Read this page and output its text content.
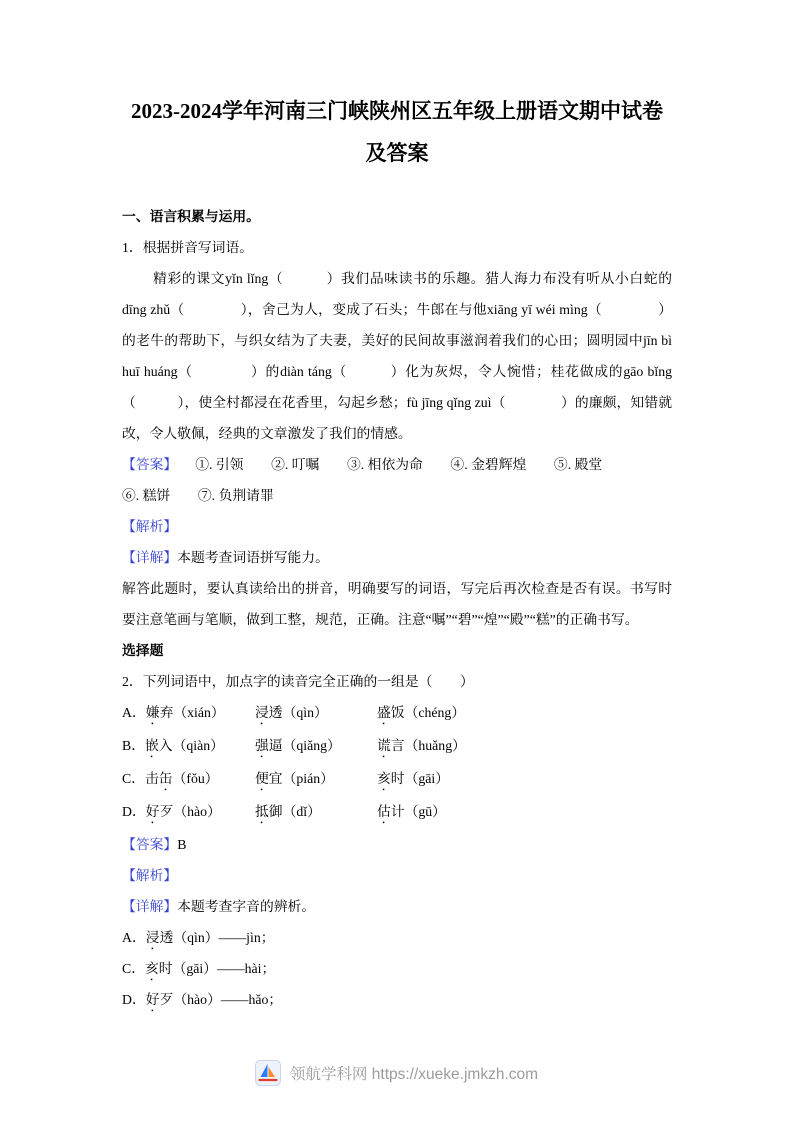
2023-2024学年河南三门峡陕州区五年级上册语文期中试卷
及答案

一、语言积累与运用。

1．根据拼音写词语。

精彩的课文yǐn lǐng（　　　）我们品味读书的乐趣。猎人海力布没有听从小白蛇的dīng zhǔ（　　　　），舍己为人，变成了石头；牛郎在与他xiāng yī wéi mìng（　　　　）的老牛的帮助下，与织女结为了夫妻，美好的民间故事滋润着我们的心田；圆明园中jīn bì huī huáng（　　　　）的diàn táng（　　　）化为灰烬，令人惋惜；桂花做成的gāo bǐng（　　　），使全村都浸在花香里，勾起乡愁；fù jīng qǐng zuì（　　　　）的廉颇，知错就改，令人敬佩，经典的文章激发了我们的情感。

【答案】 ①. 引领　　②. 叮嘱　　③. 相依为命　　④. 金碧辉煌　　⑤. 殿堂
⑥. 糕饼　　⑦. 负荆请罪

【解析】

【详解】本题考查词语拼写能力。

解答此题时，要认真读给出的拼音，明确要写的词语，写完后再次检查是否有误。书写时要注意笔画与笔顺，做到工整，规范，正确。注意“嘱”“碧”“煌”“殿”“糕”的正确书写。

选择题

2．下列词语中，加点字的读音完全正确的一组是（　　）

A．嫌弃（xián） 浸透（qìn）	盛饭（chéng）
B．嵌入（qiàn） 强逼（qiǎng）	谎言（huǎng）
C．击缶（fǒu）	便宜（pián）	亥时（gāi）
D．好歹（hào） 抵御（dǐ）	估计（gū）

【答案】B

【解析】

【详解】本题考查字音的辨析。

A．浸透（qìn）——jìn；

C．亥时（gāi）——hài；

D．好歹（hào）——hǎo；

领航学科网 https://xueke.jmkzh.com
